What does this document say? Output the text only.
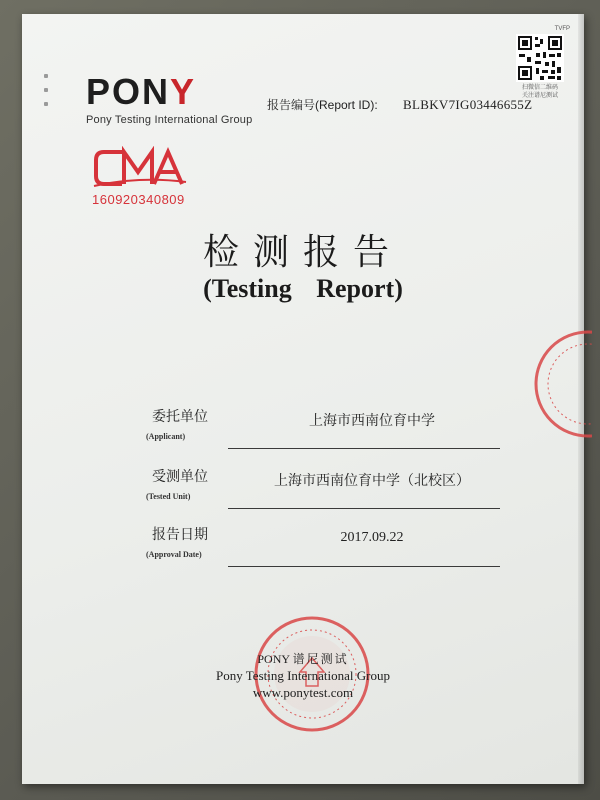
PONY
Pony Testing International Group
报告编号(Report ID): BLBKV7IG03446655Z
TVFP
扫微信二维码
关注谱尼测试
160920340809
检测报告
(Testing Report)
委托单位
(Applicant)
上海市西南位育中学
受测单位
(Tested Unit)
上海市西南位育中学（北校区）
报告日期
(Approval Date)
2017.09.22
PONY 谱尼测试
Pony Testing International Group
www.ponytest.com
